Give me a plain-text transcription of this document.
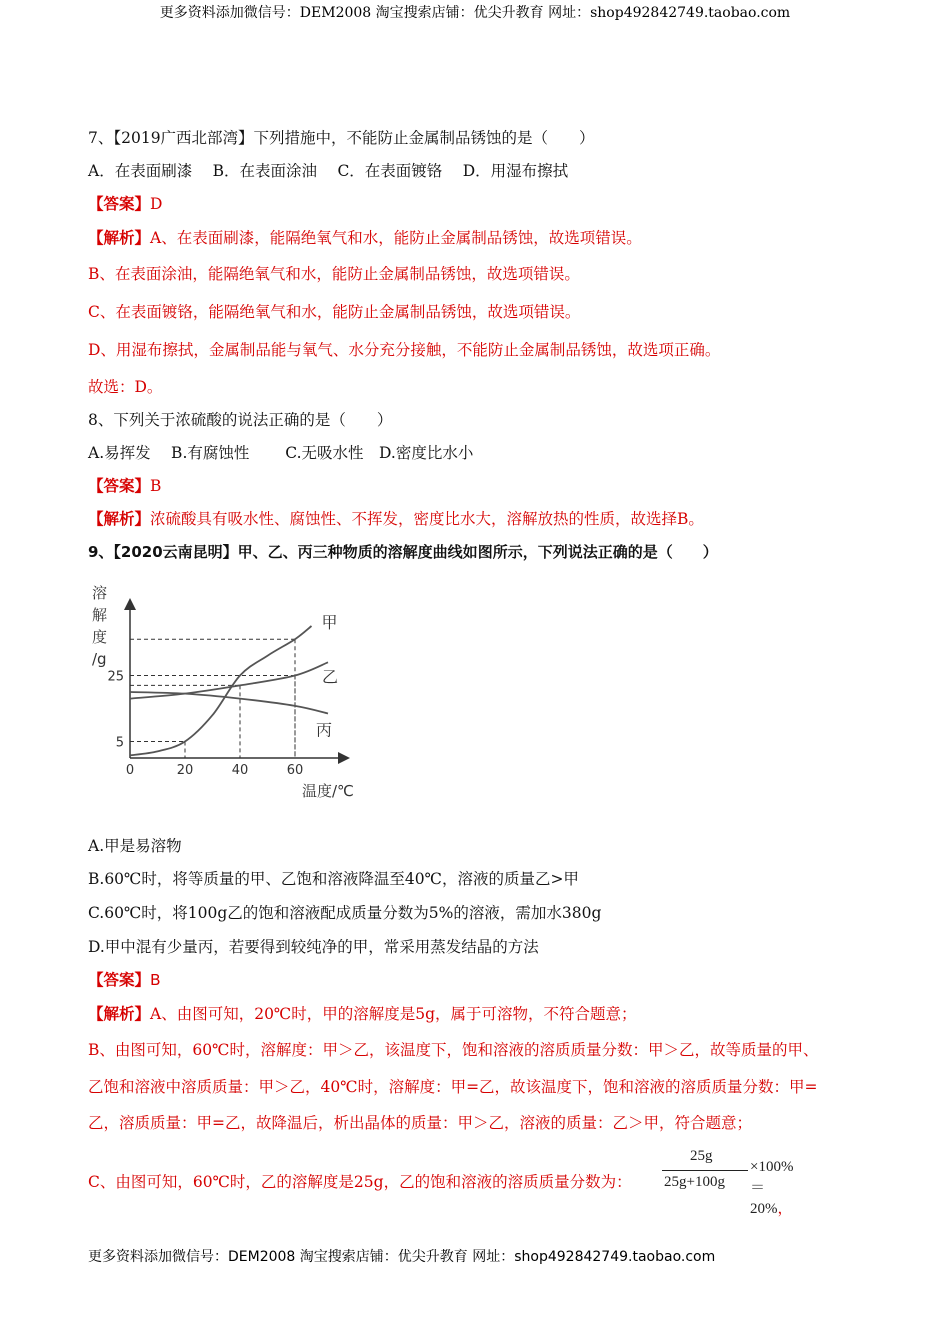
更多资料添加微信号：DEM2008 淘宝搜索店铺：优尖升教育 网址：shop492842749.taobao.com
7、【2019广西北部湾】下列措施中，不能防止金属制品锈蚀的是（　　）
A．在表面刷漆　 B．在表面涂油　 C．在表面镀铬　 D．用湿布擦拭
【答案】D
【解析】A、在表面刷漆，能隔绝氧气和水，能防止金属制品锈蚀，故选项错误。
B、在表面涂油，能隔绝氧气和水，能防止金属制品锈蚀，故选项错误。
C、在表面镀铬，能隔绝氧气和水，能防止金属制品锈蚀，故选项错误。
D、用湿布擦拭，金属制品能与氧气、水分充分接触，不能防止金属制品锈蚀，故选项正确。
故选：D。
8、下列关于浓硫酸的说法正确的是（　　）
A.易挥发　 B.有腐蚀性　　 C.无吸水性　D.密度比水小
【答案】B
【解析】浓硫酸具有吸水性、腐蚀性、不挥发，密度比水大，溶解放热的性质，故选择B。
9、【2020云南昆明】甲、乙、丙三种物质的溶解度曲线如图所示，下列说法正确的是（　　）
溶
解
度
/g
温度/℃
0	20	40	60
5
25
甲
乙
丙
A.甲是易溶物
B.60℃时，将等质量的甲、乙饱和溶液降温至40℃，溶液的质量乙>甲
C.60℃时，将100g乙的饱和溶液配成质量分数为5%的溶液，需加水380g
D.甲中混有少量丙，若要得到较纯净的甲，常采用蒸发结晶的方法
【答案】B
【解析】A、由图可知，20℃时，甲的溶解度是5g，属于可溶物，不符合题意；
B、由图可知，60℃时，溶解度：甲＞乙，该温度下，饱和溶液的溶质质量分数：甲＞乙，故等质量的甲、
乙饱和溶液中溶质质量：甲＞乙，40℃时，溶解度：甲=乙，故该温度下，饱和溶液的溶质质量分数：甲=
乙，溶质质量：甲=乙，故降温后，析出晶体的质量：甲＞乙，溶液的质量：乙＞甲，符合题意；
C、由图可知，60℃时，乙的溶解度是25g，乙的饱和溶液的溶质质量分数为：
25g
25g+100g
×100% ＝20%，
更多资料添加微信号：DEM2008 淘宝搜索店铺：优尖升教育 网址：shop492842749.taobao.com
